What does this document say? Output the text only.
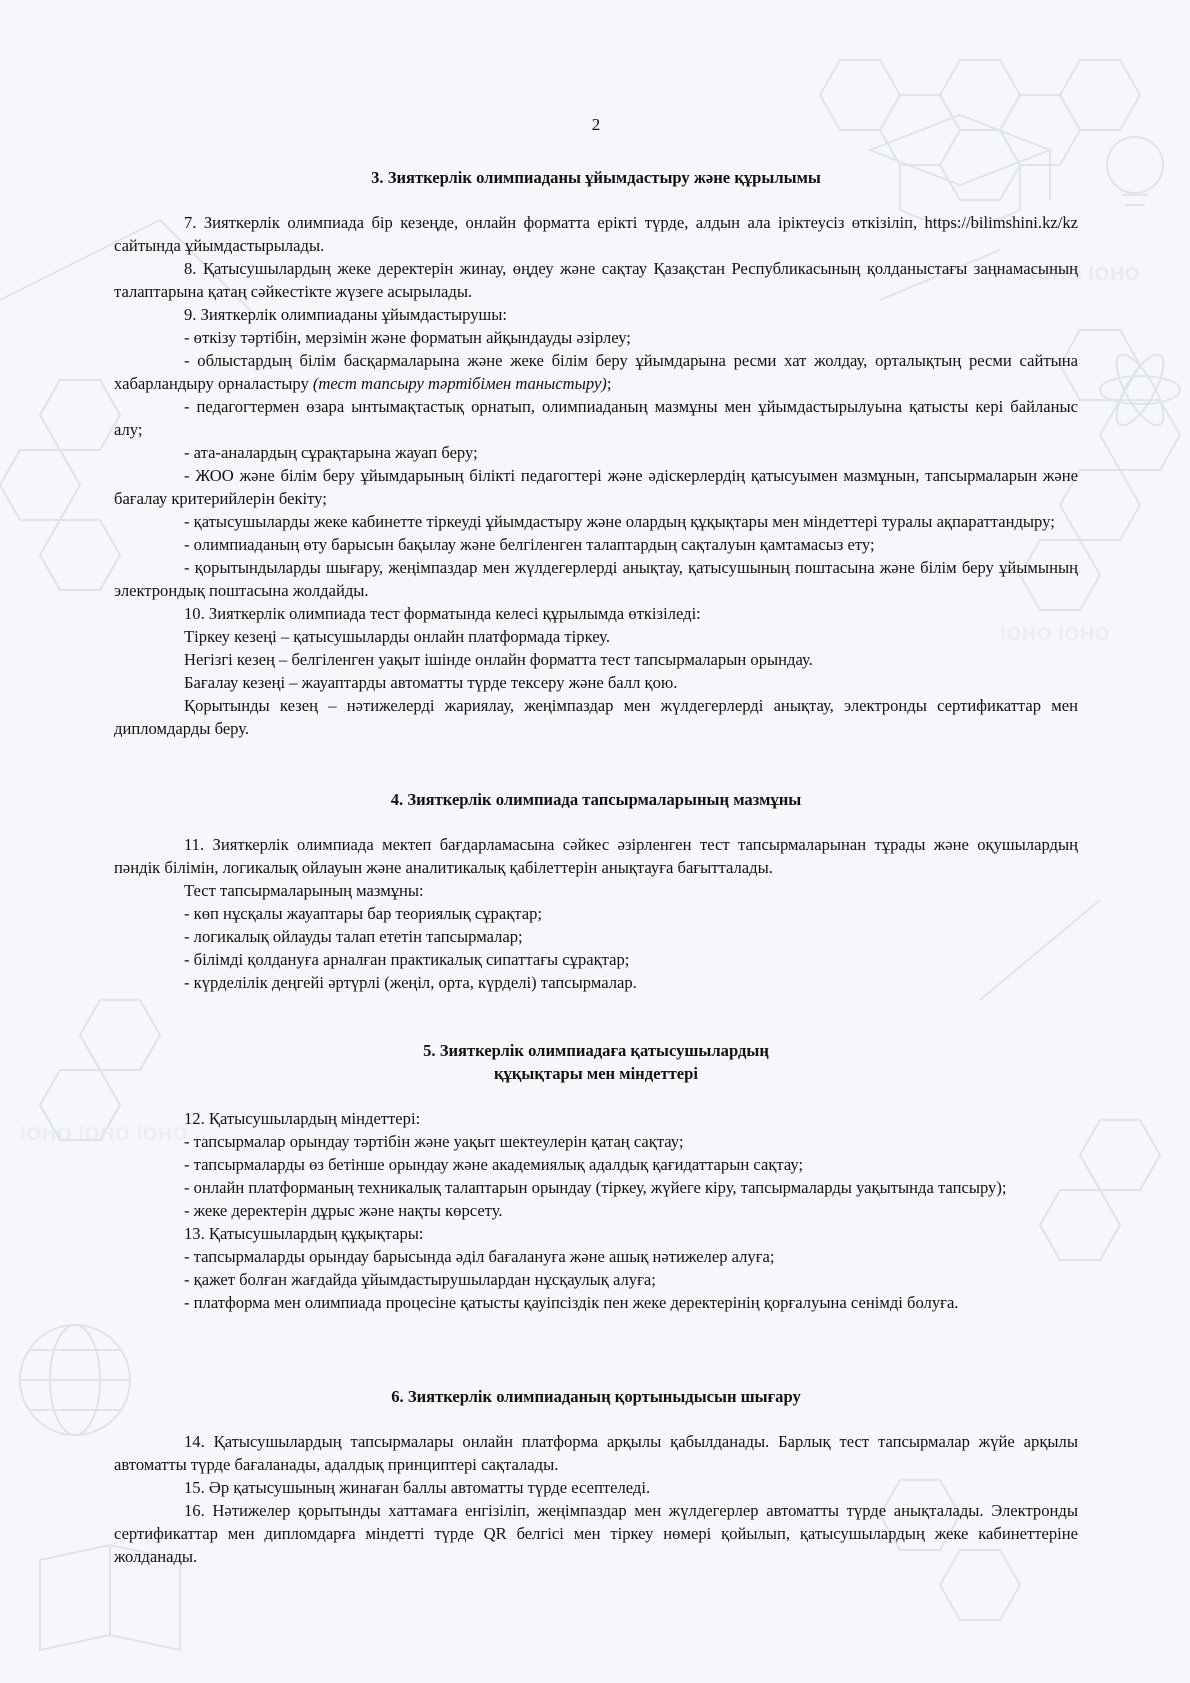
lOHO lOHO
lOHO lOHO lOHO
lOHO lOHO
2

3. Зияткерлік олимпиаданы ұйымдастыру және құрылымы

7. Зияткерлік олимпиада бір кезеңде, онлайн форматта ерікті түрде, алдын ала іріктеусіз өткізіліп, https://bilimshini.kz/kz сайтында ұйымдастырылады.

8. Қатысушылардың жеке деректерін жинау, өңдеу және сақтау Қазақстан Республикасының қолданыстағы заңнамасының талаптарына қатаң сәйкестікте жүзеге асырылады.

9. Зияткерлік олимпиаданы ұйымдастырушы:

- өткізу тәртібін, мерзімін және форматын айқындауды әзірлеу;

- облыстардың білім басқармаларына және жеке білім беру ұйымдарына ресми хат жолдау, орталықтың ресми сайтына хабарландыру орналастыру (тест тапсыру тәртібімен таныстыру);

- педагогтермен өзара ынтымақтастық орнатып, олимпиаданың мазмұны мен ұйымдастырылуына қатысты кері байланыс алу;

- ата-аналардың сұрақтарына жауап беру;

- ЖОО және білім беру ұйымдарының білікті педагогтері және әдіскерлердің қатысуымен мазмұнын, тапсырмаларын және бағалау критерийлерін бекіту;

- қатысушыларды жеке кабинетте тіркеуді ұйымдастыру және олардың құқықтары мен міндеттері туралы ақпараттандыру;

- олимпиаданың өту барысын бақылау және белгіленген талаптардың сақталуын қамтамасыз ету;

- қорытындыларды шығару, жеңімпаздар мен жүлдегерлерді анықтау, қатысушының поштасына және білім беру ұйымының электрондық поштасына жолдайды.

10. Зияткерлік олимпиада тест форматында келесі құрылымда өткізіледі:

Тіркеу кезеңі – қатысушыларды онлайн платформада тіркеу.

Негізгі кезең – белгіленген уақыт ішінде онлайн форматта тест тапсырмаларын орындау.

Бағалау кезеңі – жауаптарды автоматты түрде тексеру және балл қою.

Қорытынды кезең – нәтижелерді жариялау, жеңімпаздар мен жүлдегерлерді анықтау, электронды сертификаттар мен дипломдарды беру.

4. Зияткерлік олимпиада тапсырмаларының мазмұны

11. Зияткерлік олимпиада мектеп бағдарламасына сәйкес әзірленген тест тапсырмаларынан тұрады және оқушылардың пәндік білімін, логикалық ойлауын және аналитикалық қабілеттерін анықтауға бағытталады.

Тест тапсырмаларының мазмұны:

- көп нұсқалы жауаптары бар теориялық сұрақтар;

- логикалық ойлауды талап ететін тапсырмалар;

- білімді қолдануға арналған практикалық сипаттағы сұрақтар;

- күрделілік деңгейі әртүрлі (жеңіл, орта, күрделі) тапсырмалар.

5. Зияткерлік олимпиадаға қатысушылардың

құқықтары мен міндеттері

12. Қатысушылардың міндеттері:

- тапсырмалар орындау тәртібін және уақыт шектеулерін қатаң сақтау;

- тапсырмаларды өз бетінше орындау және академиялық адалдық қағидаттарын сақтау;

- онлайн платформаның техникалық талаптарын орындау (тіркеу, жүйеге кіру, тапсырмаларды уақытында тапсыру);

- жеке деректерін дұрыс және нақты көрсету.

13. Қатысушылардың құқықтары:

- тапсырмаларды орындау барысында әділ бағалануға және ашық нәтижелер алуға;

- қажет болған жағдайда ұйымдастырушылардан нұсқаулық алуға;

- платформа мен олимпиада процесіне қатысты қауіпсіздік пен жеке деректерінің қорғалуына сенімді болуға.

6. Зияткерлік олимпиаданың қортыныдысын шығару

14. Қатысушылардың тапсырмалары онлайн платформа арқылы қабылданады. Барлық тест тапсырмалар жүйе арқылы автоматты түрде бағаланады, адалдық принциптері сақталады.

15. Әр қатысушының жинаған баллы автоматты түрде есептеледі.

16. Нәтижелер қорытынды хаттамаға енгізіліп, жеңімпаздар мен жүлдегерлер автоматты түрде анықталады. Электронды сертификаттар мен дипломдарға міндетті түрде QR белгісі мен тіркеу нөмері қойылып, қатысушылардың жеке кабинеттеріне жолданады.
